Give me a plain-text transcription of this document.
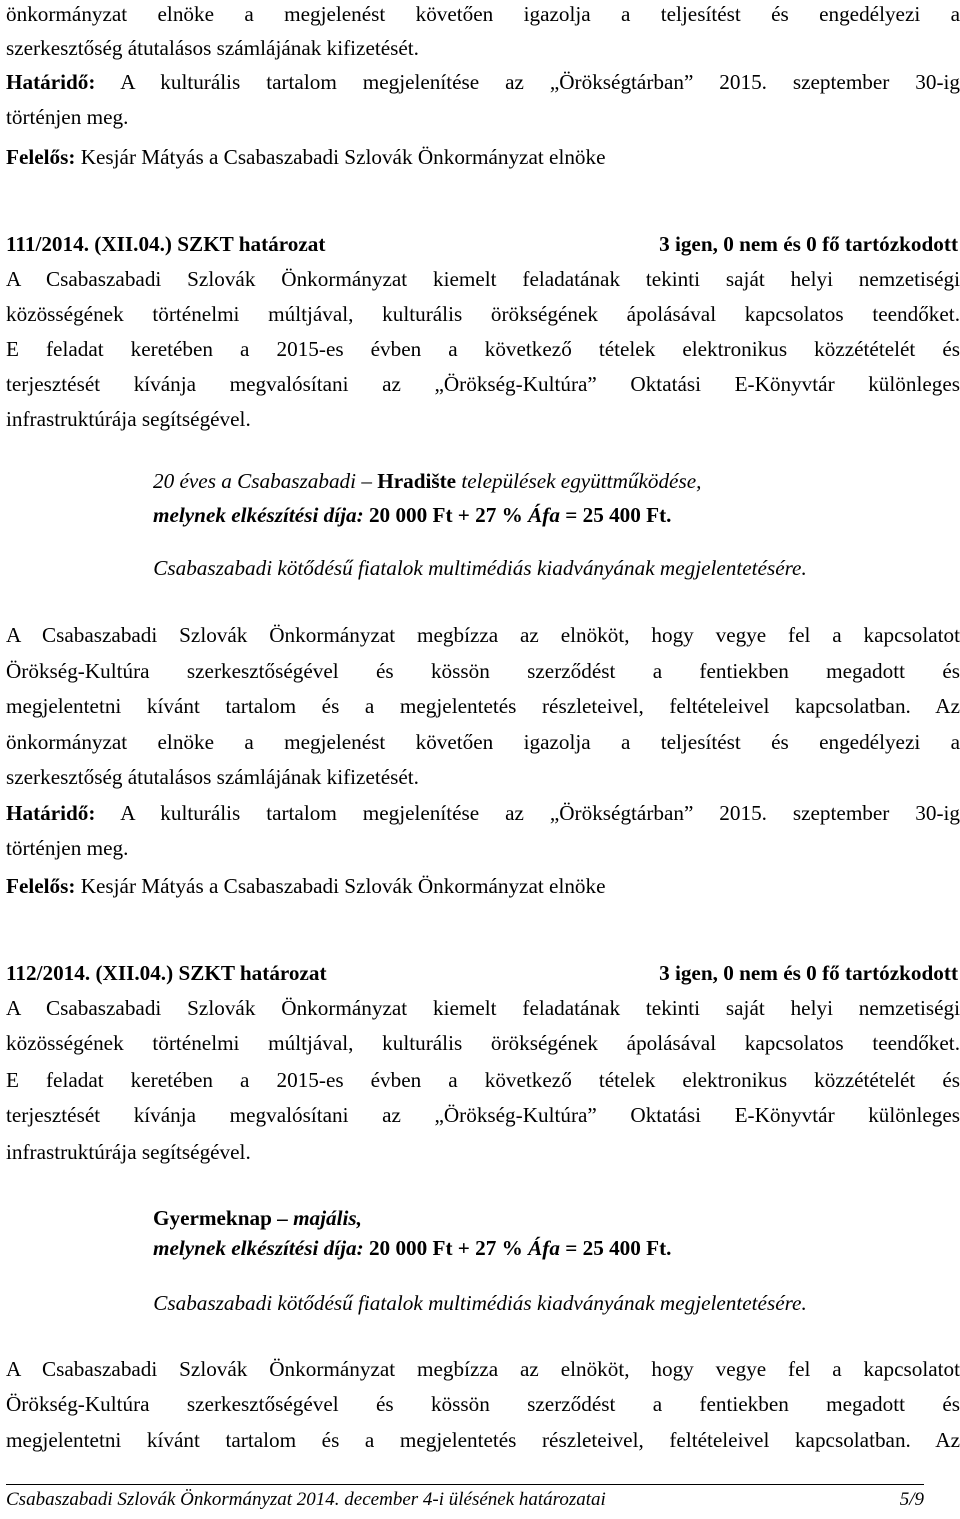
önkormányzat elnöke a megjelenést követően igazolja a teljesítést és engedélyezi a
szerkesztőség átutalásos számlájának kifizetését.
Határidő: A kulturális tartalom megjelenítése az „Örökségtárban” 2015. szeptember 30-ig
történjen meg.
Felelős: Kesjár Mátyás a Csabaszabadi Szlovák Önkormányzat elnöke
111/2014. (XII.04.) SZKT határozat	3 igen, 0 nem és 0 fő tartózkodott
A Csabaszabadi Szlovák Önkormányzat kiemelt feladatának tekinti saját helyi nemzetiségi
közösségének történelmi múltjával, kulturális örökségének ápolásával kapcsolatos teendőket.
E feladat keretében a 2015-es évben a következő tételek elektronikus közzétételét és
terjesztését kívánja megvalósítani az „Örökség-Kultúra” Oktatási E-Könyvtár különleges
infrastruktúrája segítségével.
20 éves a Csabaszabadi – Hradište települések együttműködése,
melynek elkészítési díja: 20 000 Ft + 27 % Áfa = 25 400 Ft.
Csabaszabadi kötődésű fiatalok multimédiás kiadványának megjelentetésére.
A Csabaszabadi Szlovák Önkormányzat megbízza az elnököt, hogy vegye fel a kapcsolatot
Örökség-Kultúra szerkesztőségével és kössön szerződést a fentiekben megadott és
megjelentetni kívánt tartalom és a megjelentetés részleteivel, feltételeivel kapcsolatban. Az
önkormányzat elnöke a megjelenést követően igazolja a teljesítést és engedélyezi a
szerkesztőség átutalásos számlájának kifizetését.
Határidő: A kulturális tartalom megjelenítése az „Örökségtárban” 2015. szeptember 30-ig
történjen meg.
Felelős: Kesjár Mátyás a Csabaszabadi Szlovák Önkormányzat elnöke
112/2014. (XII.04.) SZKT határozat	3 igen, 0 nem és 0 fő tartózkodott
A Csabaszabadi Szlovák Önkormányzat kiemelt feladatának tekinti saját helyi nemzetiségi
közösségének történelmi múltjával, kulturális örökségének ápolásával kapcsolatos teendőket.
E feladat keretében a 2015-es évben a következő tételek elektronikus közzétételét és
terjesztését kívánja megvalósítani az „Örökség-Kultúra” Oktatási E-Könyvtár különleges
infrastruktúrája segítségével.
Gyermeknap – majális,
melynek elkészítési díja: 20 000 Ft + 27 % Áfa = 25 400 Ft.
Csabaszabadi kötődésű fiatalok multimédiás kiadványának megjelentetésére.
A Csabaszabadi Szlovák Önkormányzat megbízza az elnököt, hogy vegye fel a kapcsolatot
Örökség-Kultúra szerkesztőségével és kössön szerződést a fentiekben megadott és
megjelentetni kívánt tartalom és a megjelentetés részleteivel, feltételeivel kapcsolatban. Az
Csabaszabadi Szlovák Önkormányzat 2014. december 4-i ülésének határozatai	5/9
